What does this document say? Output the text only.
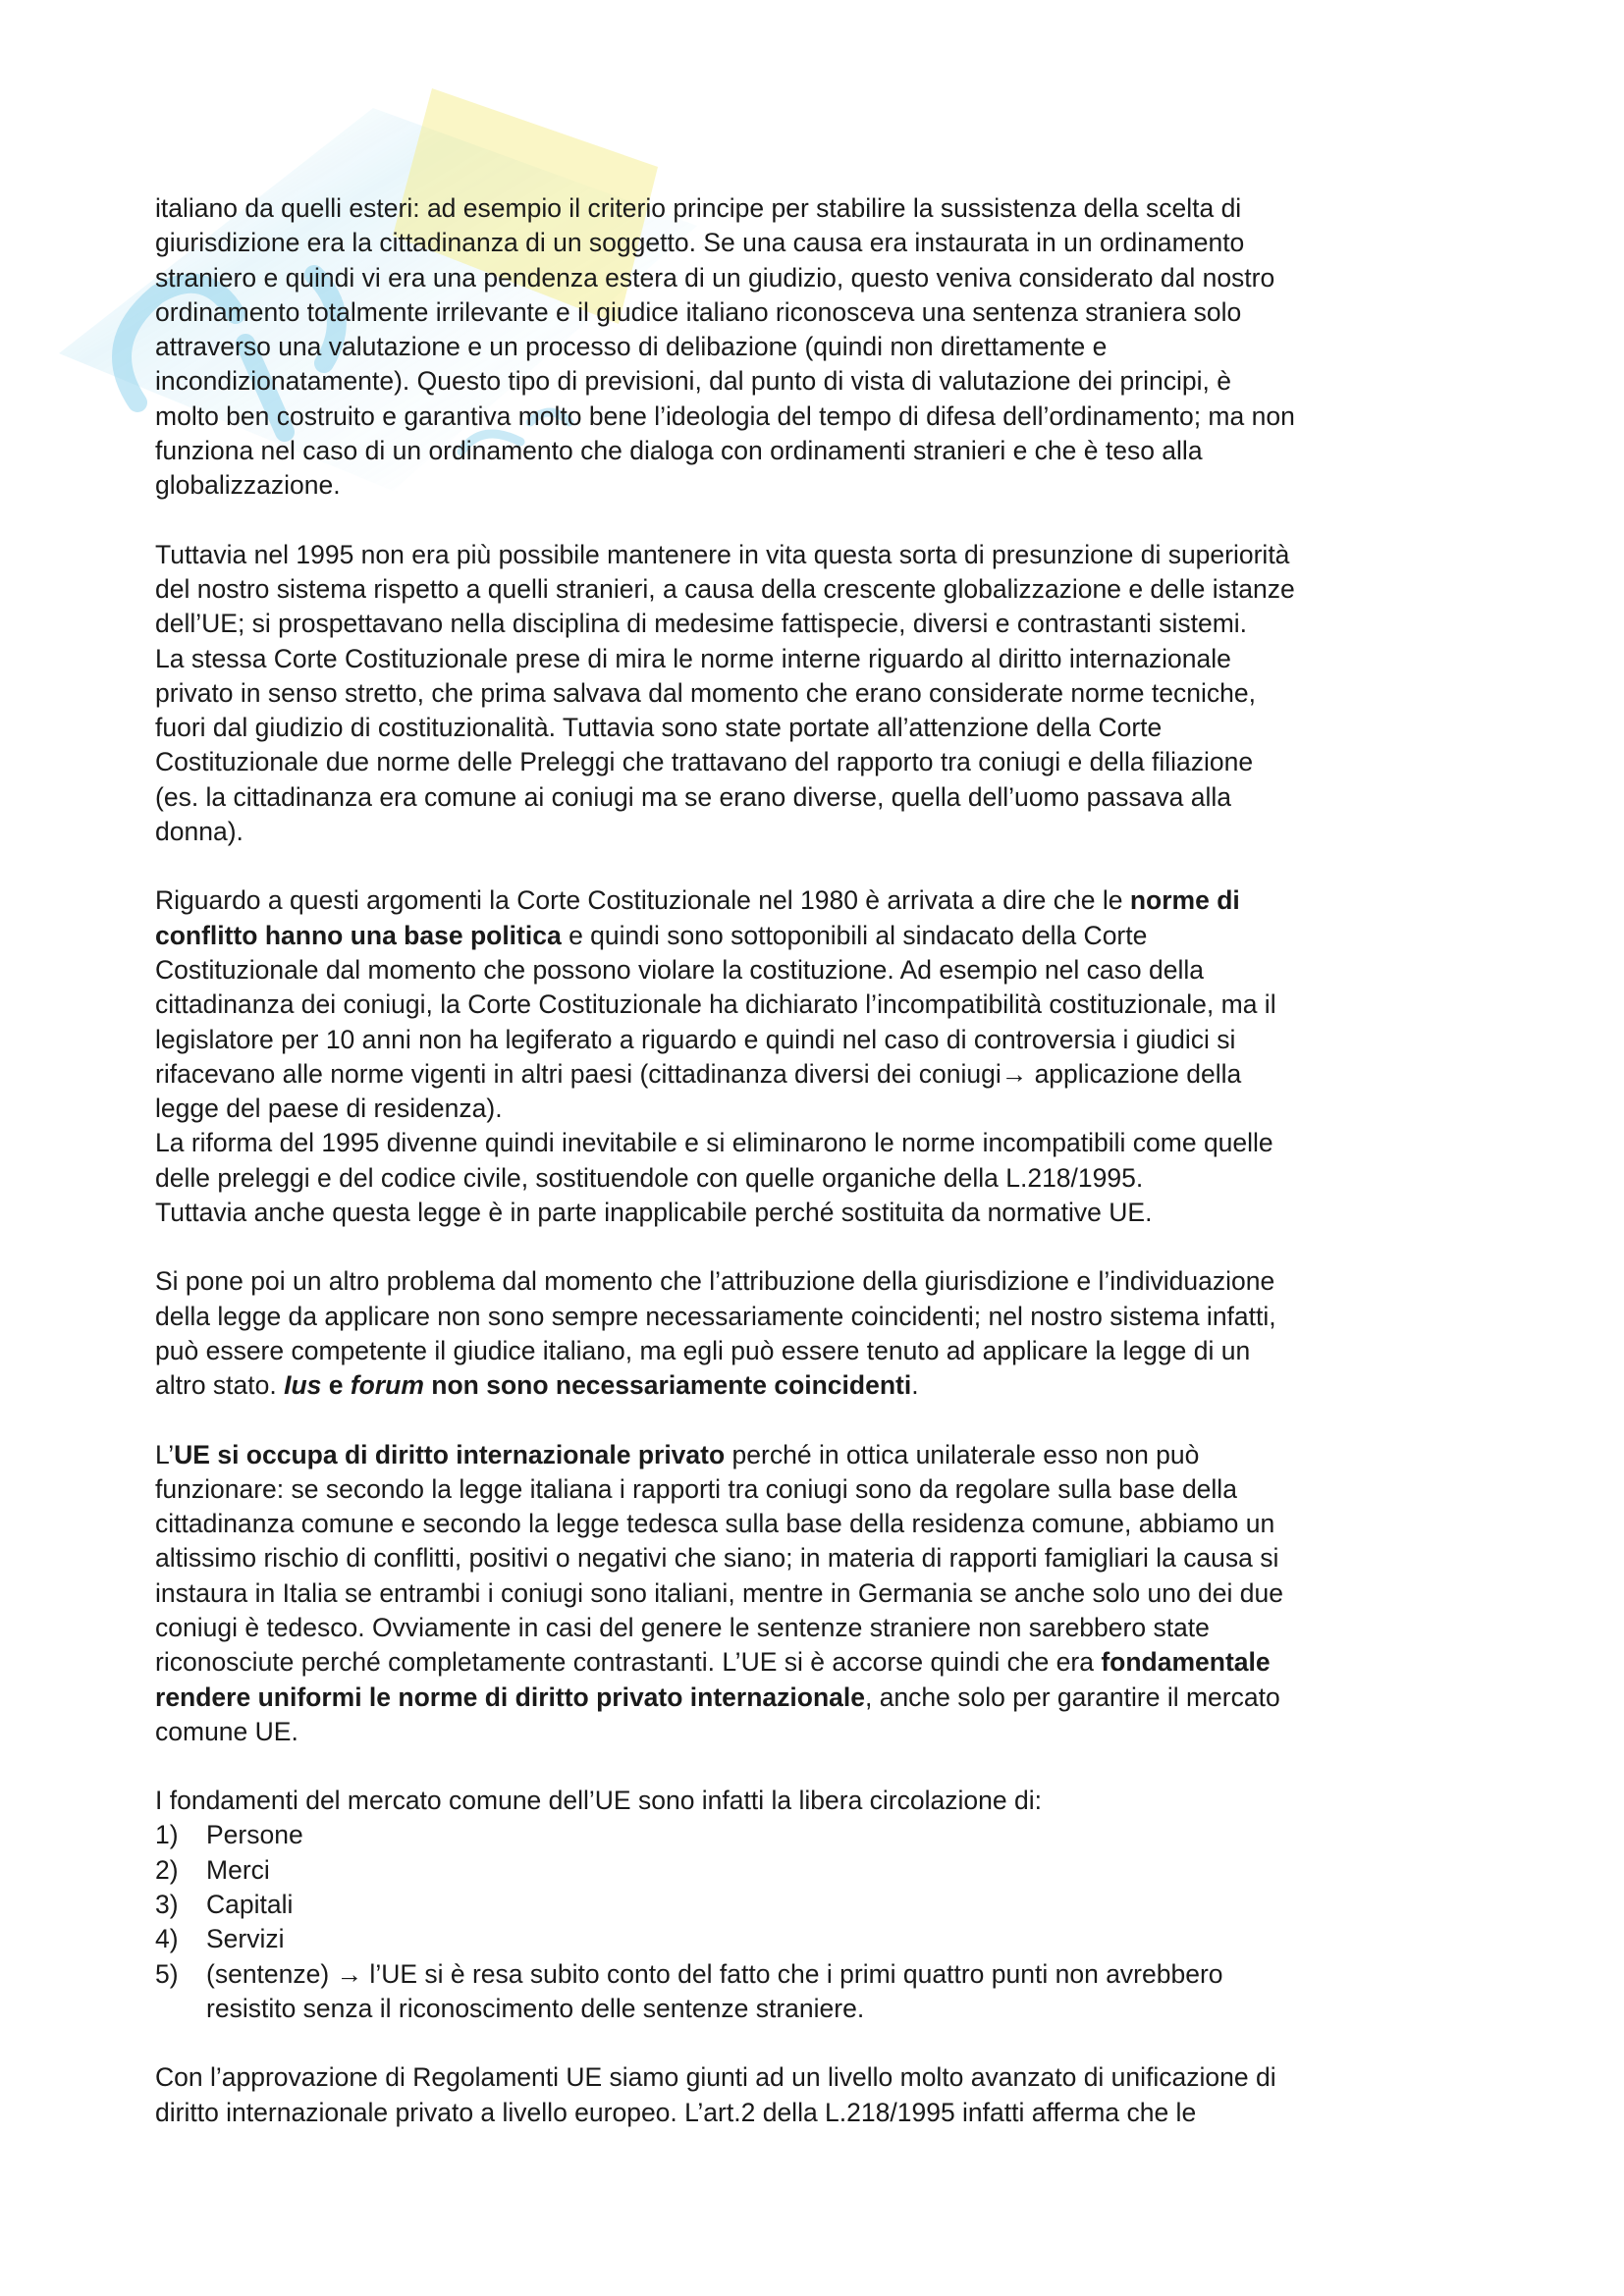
italiano da quelli esteri: ad esempio il criterio principe per stabilire la sussistenza della scelta di
giurisdizione era la cittadinanza di un soggetto. Se una causa era instaurata in un ordinamento
straniero e quindi vi era una pendenza estera di un giudizio, questo veniva considerato dal nostro
ordinamento totalmente irrilevante e il giudice italiano riconosceva una sentenza straniera solo
attraverso una valutazione e un processo di delibazione (quindi non direttamente e
incondizionatamente). Questo tipo di previsioni, dal punto di vista di valutazione dei principi, è
molto ben costruito e garantiva molto bene l’ideologia del tempo di difesa dell’ordinamento; ma non
funziona nel caso di un ordinamento che dialoga con ordinamenti stranieri e che è teso alla
globalizzazione.
Tuttavia nel 1995 non era più possibile mantenere in vita questa sorta di presunzione di superiorità
del nostro sistema rispetto a quelli stranieri, a causa della crescente globalizzazione e delle istanze
dell’UE; si prospettavano nella disciplina di medesime fattispecie, diversi e contrastanti sistemi.
La stessa Corte Costituzionale prese di mira le norme interne riguardo al diritto internazionale
privato in senso stretto, che prima salvava dal momento che erano considerate norme tecniche,
fuori dal giudizio di costituzionalità. Tuttavia sono state portate all’attenzione della Corte
Costituzionale due norme delle Preleggi che trattavano del rapporto tra coniugi e della filiazione
(es. la cittadinanza era comune ai coniugi ma se erano diverse, quella dell’uomo passava alla
donna).
Riguardo a questi argomenti la Corte Costituzionale nel 1980 è arrivata a dire che le norme di
conflitto hanno una base politica e quindi sono sottoponibili al sindacato della Corte
Costituzionale dal momento che possono violare la costituzione. Ad esempio nel caso della
cittadinanza dei coniugi, la Corte Costituzionale ha dichiarato l’incompatibilità costituzionale, ma il
legislatore per 10 anni non ha legiferato a riguardo e quindi nel caso di controversia i giudici si
rifacevano alle norme vigenti in altri paesi (cittadinanza diversi dei coniugi→ applicazione della
legge del paese di residenza).
La riforma del 1995 divenne quindi inevitabile e si eliminarono le norme incompatibili come quelle
delle preleggi e del codice civile, sostituendole con quelle organiche della L.218/1995.
Tuttavia anche questa legge è in parte inapplicabile perché sostituita da normative UE.
Si pone poi un altro problema dal momento che l’attribuzione della giurisdizione e l’individuazione
della legge da applicare non sono sempre necessariamente coincidenti; nel nostro sistema infatti,
può essere competente il giudice italiano, ma egli può essere tenuto ad applicare la legge di un
altro stato. Ius e forum non sono necessariamente coincidenti.
L’UE si occupa di diritto internazionale privato perché in ottica unilaterale esso non può
funzionare: se secondo la legge italiana i rapporti tra coniugi sono da regolare sulla base della
cittadinanza comune e secondo la legge tedesca sulla base della residenza comune, abbiamo un
altissimo rischio di conflitti, positivi o negativi che siano; in materia di rapporti famigliari la causa si
instaura in Italia se entrambi i coniugi sono italiani, mentre in Germania se anche solo uno dei due
coniugi è tedesco. Ovviamente in casi del genere le sentenze straniere non sarebbero state
riconosciute perché completamente contrastanti. L’UE si è accorse quindi che era fondamentale
rendere uniformi le norme di diritto privato internazionale, anche solo per garantire il mercato
comune UE.
I fondamenti del mercato comune dell’UE sono infatti la libera circolazione di:
1) Persone
2) Merci
3) Capitali
4) Servizi
5) (sentenze) → l’UE si è resa subito conto del fatto che i primi quattro punti non avrebbero
resistito senza il riconoscimento delle sentenze straniere.
Con l’approvazione di Regolamenti UE siamo giunti ad un livello molto avanzato di unificazione di
diritto internazionale privato a livello europeo. L’art.2 della L.218/1995 infatti afferma che le
